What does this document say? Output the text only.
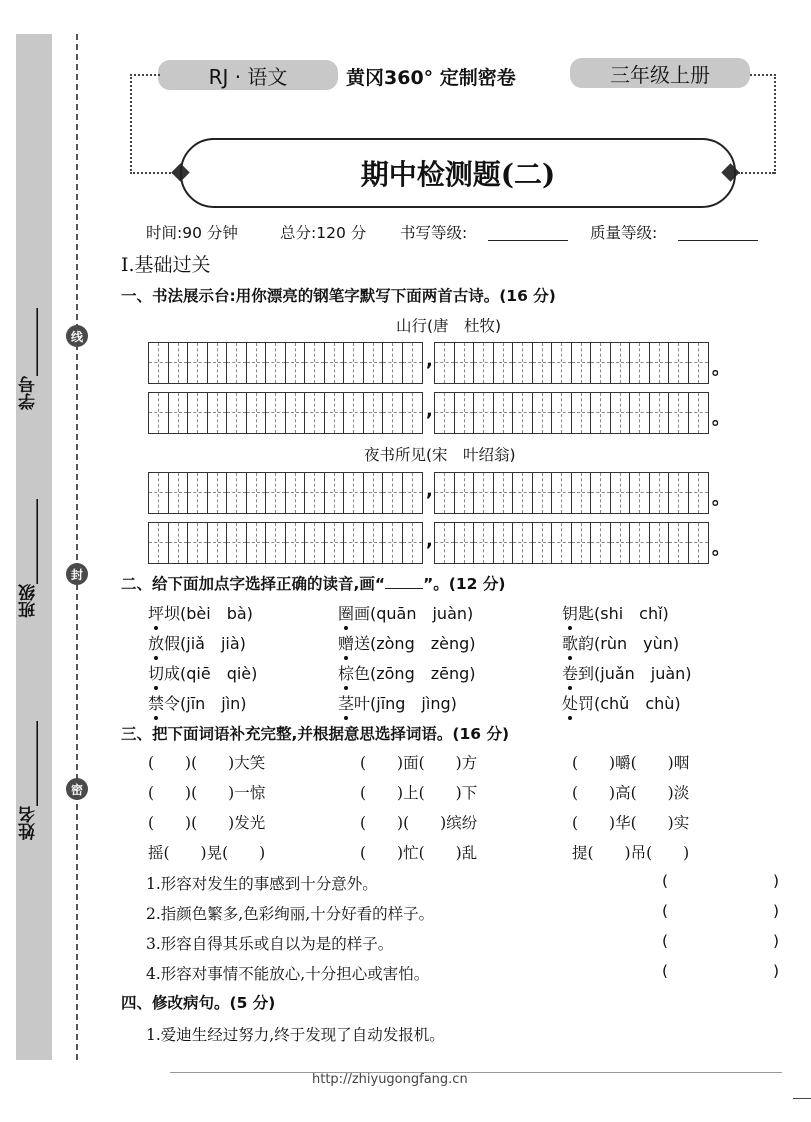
学号________
班级__________
姓名__________
线
封
密
RJ · 语文	黄冈360° 定制密卷	三年级上册
期中检测题(二)
时间:90 分钟	总分:120 分 书写等级:	质量等级:
Ⅰ.基础过关
一、书法展示台:用你漂亮的钢笔字默写下面两首古诗。(16 分)
山行(唐　杜牧)
夜书所见(宋　叶绍翁)
,	。
,	。
,	。
,	。
二、给下面加点字选择正确的读音,画“ ”。(12 分)
坪坝(bèi　bà)	圈画(quān　juàn)	钥匙(shi　chǐ)
放假(jiǎ　jià)	赠送(zòng　zèng)	歌韵(rùn　yùn)
切成(qiē　qiè)	棕色(zōng　zēng)	卷到(juǎn　juàn)
禁令(jīn　jìn)	茎叶(jīng　jìng)	处罚(chǔ　chù)
三、把下面词语补充完整,并根据意思选择词语。(16 分)
(　　)(　　)大笑	(　　)面(　　)方	(　　)嚼(　　)咽
(　　)(　　)一惊	(　　)上(　　)下	(　　)高(　　)淡
(　　)(　　)发光	(　　)(　　)缤纷	(　　)华(　　)实
摇(　　)晃(　　)	(　　)忙(　　)乱	提(　　)吊(　　)
1.形容对发生的事感到十分意外。	(	)
2.指颜色繁多,色彩绚丽,十分好看的样子。	(	)
3.形容自得其乐或自以为是的样子。	(	)
4.形容对事情不能放心,十分担心或害怕。	(	)
四、修改病句。(5 分)
1.爱迪生经过努力,终于发现了自动发报机。
http://zhiyugongfang.cn
